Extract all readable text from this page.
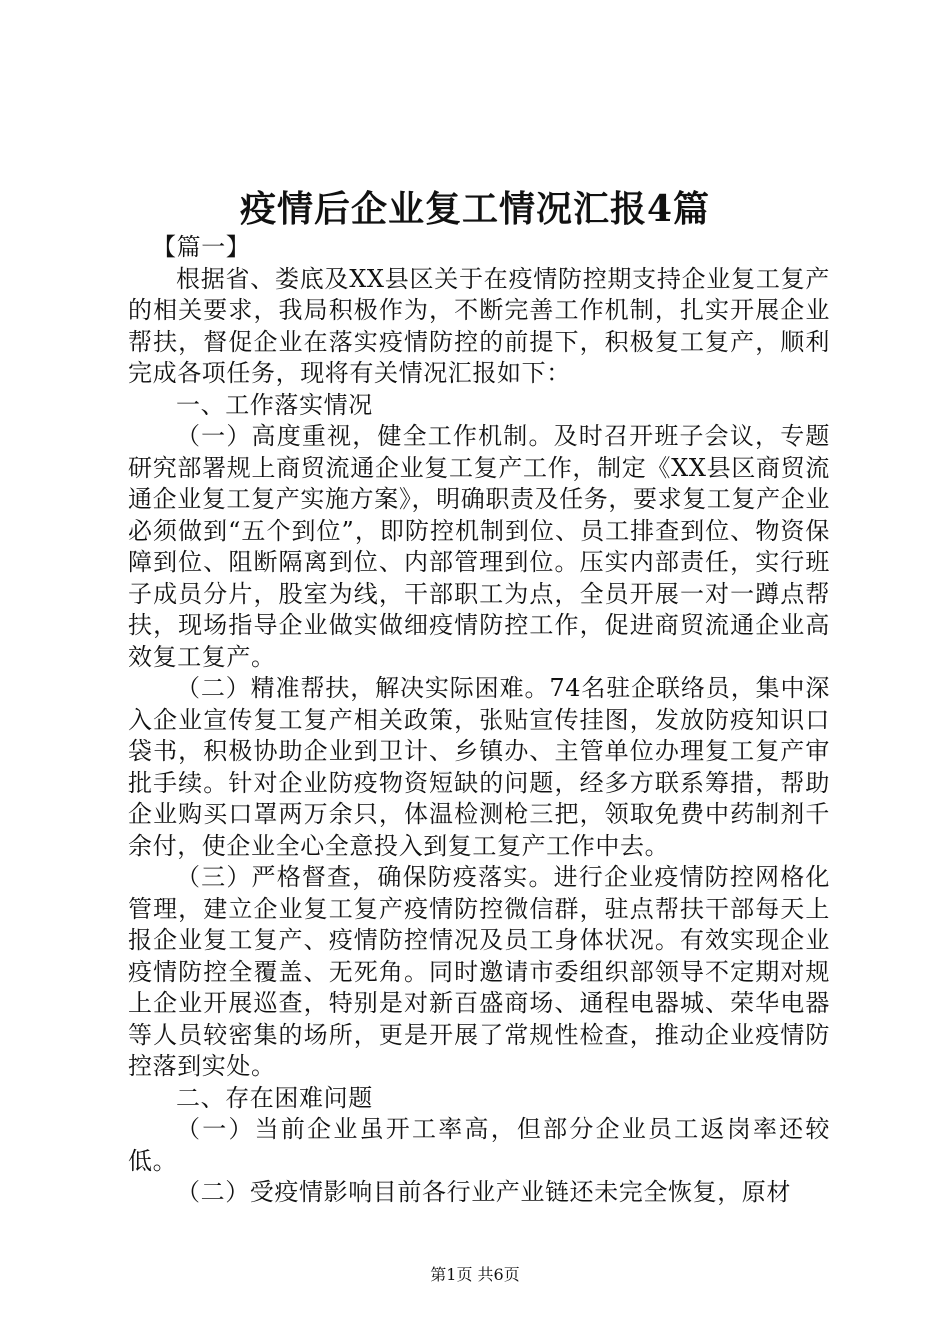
疫情后企业复工情况汇报4篇

【篇一】

根据省、娄底及XX县区关于在疫情防控期支持企业复工复产的相关要求，我局积极作为，不断完善工作机制，扎实开展企业帮扶，督促企业在落实疫情防控的前提下，积极复工复产，顺利完成各项任务，现将有关情况汇报如下：

一、工作落实情况

（一）高度重视，健全工作机制。及时召开班子会议，专题研究部署规上商贸流通企业复工复产工作，制定《XX县区商贸流通企业复工复产实施方案》，明确职责及任务，要求复工复产企业必须做到“五个到位”，即防控机制到位、员工排查到位、物资保障到位、阻断隔离到位、内部管理到位。压实内部责任，实行班子成员分片，股室为线，干部职工为点，全员开展一对一蹲点帮扶，现场指导企业做实做细疫情防控工作，促进商贸流通企业高效复工复产。

（二）精准帮扶，解决实际困难。74名驻企联络员，集中深入企业宣传复工复产相关政策，张贴宣传挂图，发放防疫知识口袋书，积极协助企业到卫计、乡镇办、主管单位办理复工复产审批手续。针对企业防疫物资短缺的问题，经多方联系筹措，帮助企业购买口罩两万余只，体温检测枪三把，领取免费中药制剂千余付，使企业全心全意投入到复工复产工作中去。

（三）严格督查，确保防疫落实。进行企业疫情防控网格化管理，建立企业复工复产疫情防控微信群，驻点帮扶干部每天上报企业复工复产、疫情防控情况及员工身体状况。有效实现企业疫情防控全覆盖、无死角。同时邀请市委组织部领导不定期对规上企业开展巡查，特别是对新百盛商场、通程电器城、荣华电器等人员较密集的场所，更是开展了常规性检查，推动企业疫情防控落到实处。

二、存在困难问题

（一）当前企业虽开工率高，但部分企业员工返岗率还较低。

（二）受疫情影响目前各行业产业链还未完全恢复，原材

第1页 共6页
